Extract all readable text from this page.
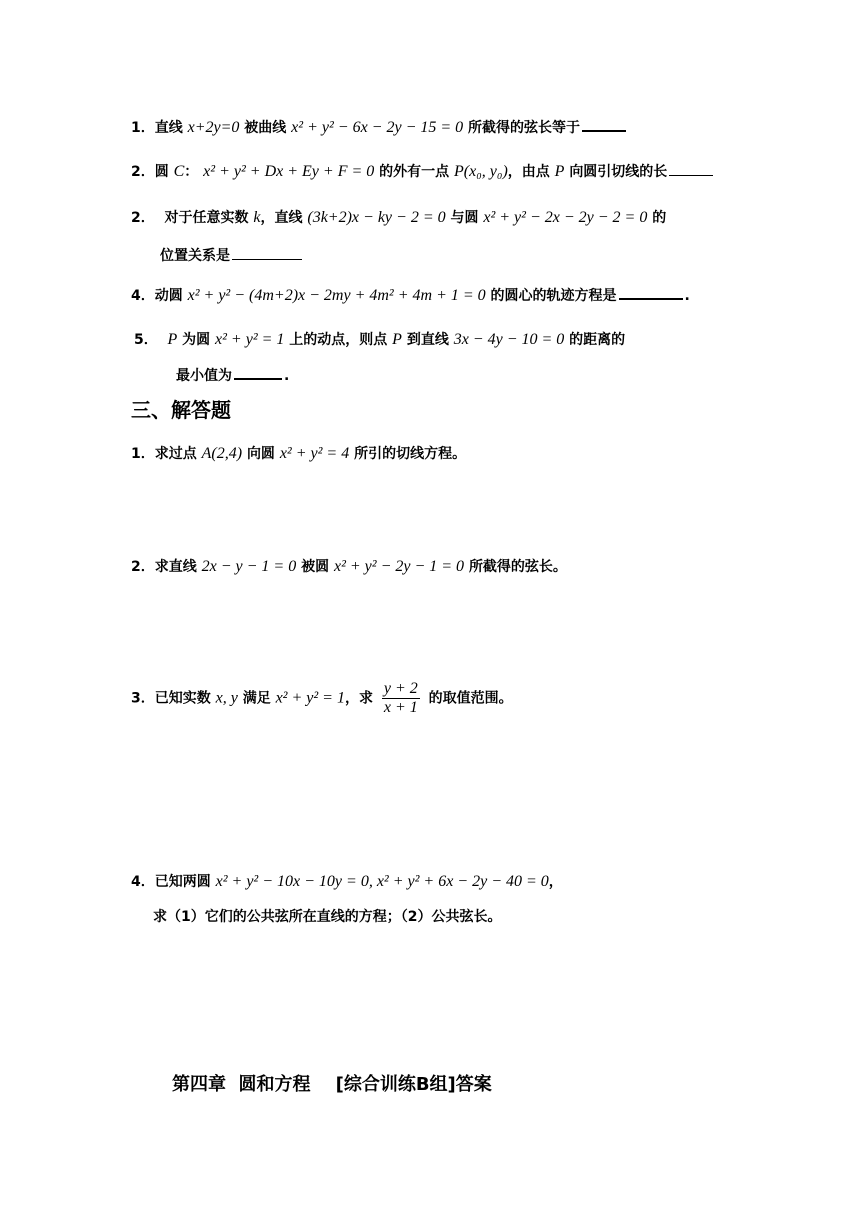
1．直线 x+2y=0 被曲线 x² + y² − 6x − 2y − 15 = 0 所截得的弦长等于
2．圆 C： x² + y² + Dx + Ey + F = 0 的外有一点 P(x₀, y₀)，由点 P 向圆引切线的长
2． 对于任意实数 k，直线 (3k+2)x − ky − 2 = 0 与圆 x² + y² − 2x − 2y − 2 = 0 的
位置关系是
4．动圆 x² + y² − (4m+2)x − 2my + 4m² + 4m + 1 = 0 的圆心的轨迹方程是	.
5． P 为圆 x² + y² = 1 上的动点，则点 P 到直线 3x − 4y − 10 = 0 的距离的
最小值为	.
三、解答题
1．求过点 A(2,4) 向圆 x² + y² = 4 所引的切线方程。
2．求直线 2x − y − 1 = 0 被圆 x² + y² − 2y − 1 = 0 所截得的弦长。
3．已知实数 x, y 满足 x² + y² = 1，求 $\frac{y + 2}{x + 1}$ 的取值范围。
4．已知两圆 x² + y² − 10x − 10y = 0, x² + y² + 6x − 2y − 40 = 0，
求（1）它们的公共弦所在直线的方程；（2）公共弦长。
第四章  圆和方程    [综合训练B组]答案
